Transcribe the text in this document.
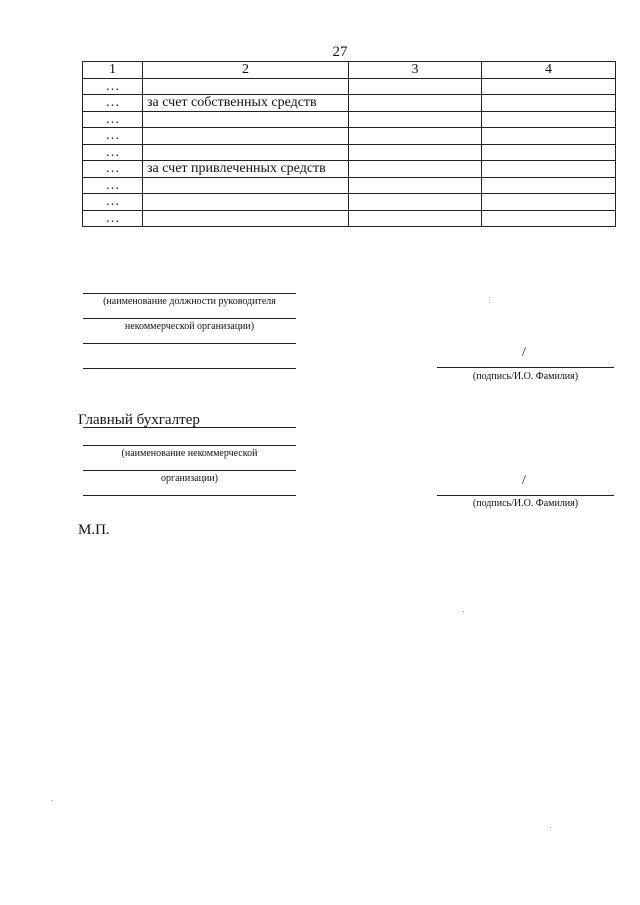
27
1	2	3	4
…			
…	за счет собственных средств		
…			
…			
…			
…	за счет привлеченных средств		
…			
…			
…			
(наименование должности руководителя
некоммерческой организации)
/
(подпись/И.О. Фамилия)
Главный бухгалтер
(наименование некоммерческой
организации)	/
(подпись/И.О. Фамилия)
М.П.
